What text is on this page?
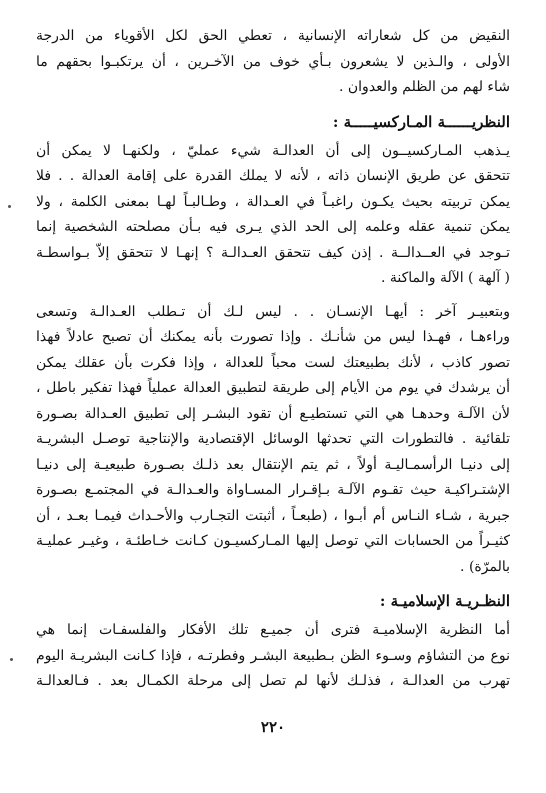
النقيض من كل شعاراته الإنسانية ، تعطي الحق لكل الأقوياء من الدرجة
الأولى ، والـذين لا يشعرون بـأي خوف من الآخـرين ، أن يرتكبـوا بحقهم ما
شاء لهم من الظلم والعدوان .
النظريــــــة المـاركسيـــــة :
يـذهب المـاركسيــون إلى أن العدالـة شيء عمليّ ، ولكنهـا لا يمكن أن
تتحقق عن طريق الإنسان ذاته ، لأنه لا يملك القدرة على إقامة العدالة . . فلا
يمكن تربيته بحيث يكـون راغبـاً في العـدالة ، وطـالبـاً لهـا بمعنى الكلمة ، ولا
يمكن تنمية عقله وعلمه إلى الحد الذي يـرى فيه بـأن مصلحته الشخصية إنما
تـوجد في العــدالــة . إذن كيف تتحقق العـدالـة ؟ إنهـا لا تتحقق إلاّ بـواسطـة
( آلهة ) الآلة والماكنة .
وبتعبيـر آخر : أيهـا الإنسـان . . ليس لـك أن تـطلب العـدالـة وتسعى
وراءهـا ، فهـذا ليس من شأنـك . وإذا تصورت بأنه يمكنك أن تصبح عادلاً فهذا
تصور كاذب ، لأنك بطبيعتك لست محباً للعدالة ، وإذا فكرت بأن عقلك يمكن
أن يرشدك في يوم من الأيام إلى طريقة لتطبيق العدالة عملياً فهذا تفكير باطل ،
لأن الآلـة وحدهـا هي التي تستطيـع أن تقود البشـر إلى تطبيق العـدالة بصـورة
تلقائية . فالتطورات التي تحدثها الوسائل الإقتصادية والإنتاجية توصـل البشريـة
إلى دنيـا الرأسمـاليـة أولاً ، ثم يتم الإنتقال بعد ذلـك بصـورة طبيعيـة إلى دنيـا
الإشتـراكيـة حيث تقـوم الآلـة بـإقـرار المسـاواة والعـدالـة في المجتمـع بصـورة
جبرية ، شـاء النـاس أم أبـوا ، (طبعـاً ، أثبتت التجـارب والأحـداث فيمـا بعـد ، أن
كثيـراً من الحسابات التي توصل إليها المـاركسيـون كـانت خـاطئـة ، وغيـر عمليـة
بالمرّة) .
النظـريـة الإسلاميـة :
أما النظرية الإسلاميـة فترى أن جميـع تلك الأفكار والفلسفـات إنما هي
نوع من التشاؤم وسـوء الظن بـطبيعة البشـر وفطرتـه ، فإذا كـانت البشريـة اليوم
تهرب من العدالـة ، فذلـك لأنها لم تصل إلى مرحلة الكمـال بعد . فـالعدالـة
٢٢٠
